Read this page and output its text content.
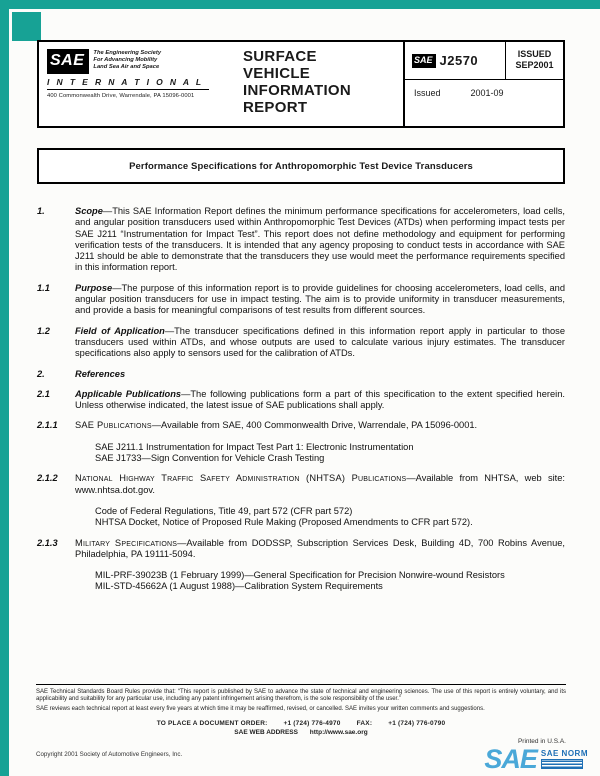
SAE	The Engineering Society
For Advancing Mobility
Land Sea Air and Space
I N T E R N A T I O N A L
400 Commonwealth Drive, Warrendale, PA 15096-0001
SURFACE
VEHICLE
INFORMATION
REPORT
SAE J2570	ISSUED
SEP2001
Issued	2001-09
Performance Specifications for Anthropomorphic Test Device Transducers
1.	Scope—This SAE Information Report defines the minimum performance specifications for accelerometers, load cells, and angular position transducers used within Anthropomorphic Test Devices (ATDs) when performing impact tests per SAE J211 “Instrumentation for Impact Test”. This report does not define methodology and equipment for performing verification tests of the transducers. It is intended that any agency proposing to conduct tests in accordance with SAE J211 should be able to demonstrate that the transducers they use would meet the performance requirements specified in this information report.
1.1	Purpose—The purpose of this information report is to provide guidelines for choosing accelerometers, load cells, and angular position transducers for use in impact testing. The aim is to provide uniformity in transducer measurements, and provide a basis for meaningful comparisons of test results from different sources.
1.2	Field of Application—The transducer specifications defined in this information report apply in particular to those transducers used within ATDs, and whose outputs are used to calculate various injury estimates. The transducer specifications also apply to sensors used for the calibration of ATDs.
2.	References
2.1	Applicable Publications—The following publications form a part of this specification to the extent specified herein. Unless otherwise indicated, the latest issue of SAE publications shall apply.
2.1.1	SAE Publications—Available from SAE, 400 Commonwealth Drive, Warrendale, PA 15096-0001.
SAE J211.1 Instrumentation for Impact Test Part 1: Electronic Instrumentation
SAE J1733—Sign Convention for Vehicle Crash Testing
2.1.2	National Highway Traffic Safety Administration (NHTSA) Publications—Available from NHTSA, web site: www.nhtsa.dot.gov.
Code of Federal Regulations, Title 49, part 572 (CFR part 572)
NHTSA Docket, Notice of Proposed Rule Making (Proposed Amendments to CFR part 572).
2.1.3	Military Specifications—Available from DODSSP, Subscription Services Desk, Building 4D, 700 Robins Avenue, Philadelphia, PA 19111-5094.
MIL-PRF-39023B (1 February 1999)—General Specification for Precision Nonwire-wound Resistors
MIL-STD-45662A (1 August 1988)—Calibration System Requirements
SAE Technical Standards Board Rules provide that: “This report is published by SAE to advance the state of technical and engineering sciences. The use of this report is entirely voluntary, and its applicability and suitability for any particular use, including any patent infringement arising therefrom, is the sole responsibility of the user.”
SAE reviews each technical report at least every five years at which time it may be reaffirmed, revised, or cancelled. SAE invites your written comments and suggestions.
TO PLACE A DOCUMENT ORDER: +1 (724) 776-4970 FAX: +1 (724) 776-0790
SAE WEB ADDRESS http://www.sae.org
Copyright 2001 Society of Automotive Engineers, Inc.
Printed in U.S.A.
SAE SAE NORM
